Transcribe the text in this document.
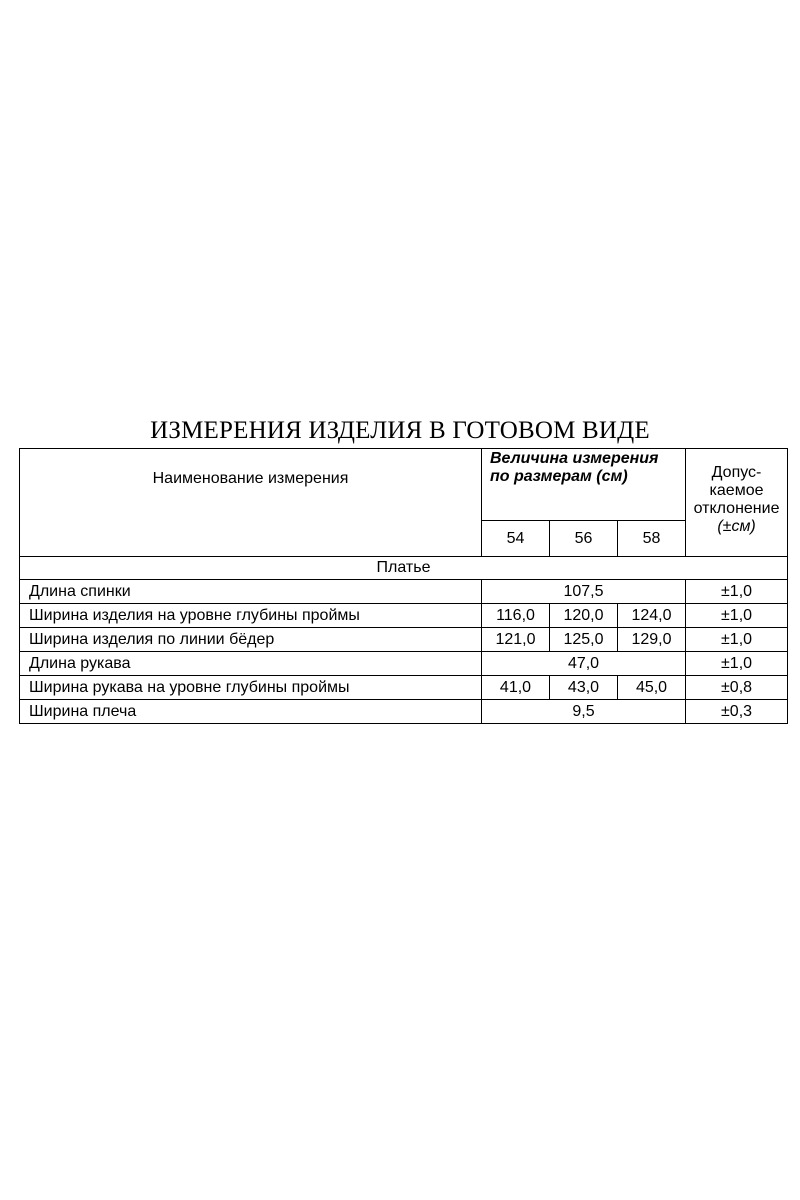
ИЗМЕРЕНИЯ ИЗДЕЛИЯ В ГОТОВОМ ВИДЕ
Наименование измерения	Величина измерения по размерам (см)			Допус-
каемое
отклонение
(±см)

	54	56	58	
Платье				
Длина спинки	107,5			±1,0
Ширина изделия на уровне глубины проймы	116,0	120,0	124,0	±1,0
Ширина изделия по линии бёдер	121,0	125,0	129,0	±1,0
Длина рукава	47,0			±1,0
Ширина рукава на уровне глубины проймы	41,0	43,0	45,0	±0,8
Ширина плеча	9,5			±0,3
